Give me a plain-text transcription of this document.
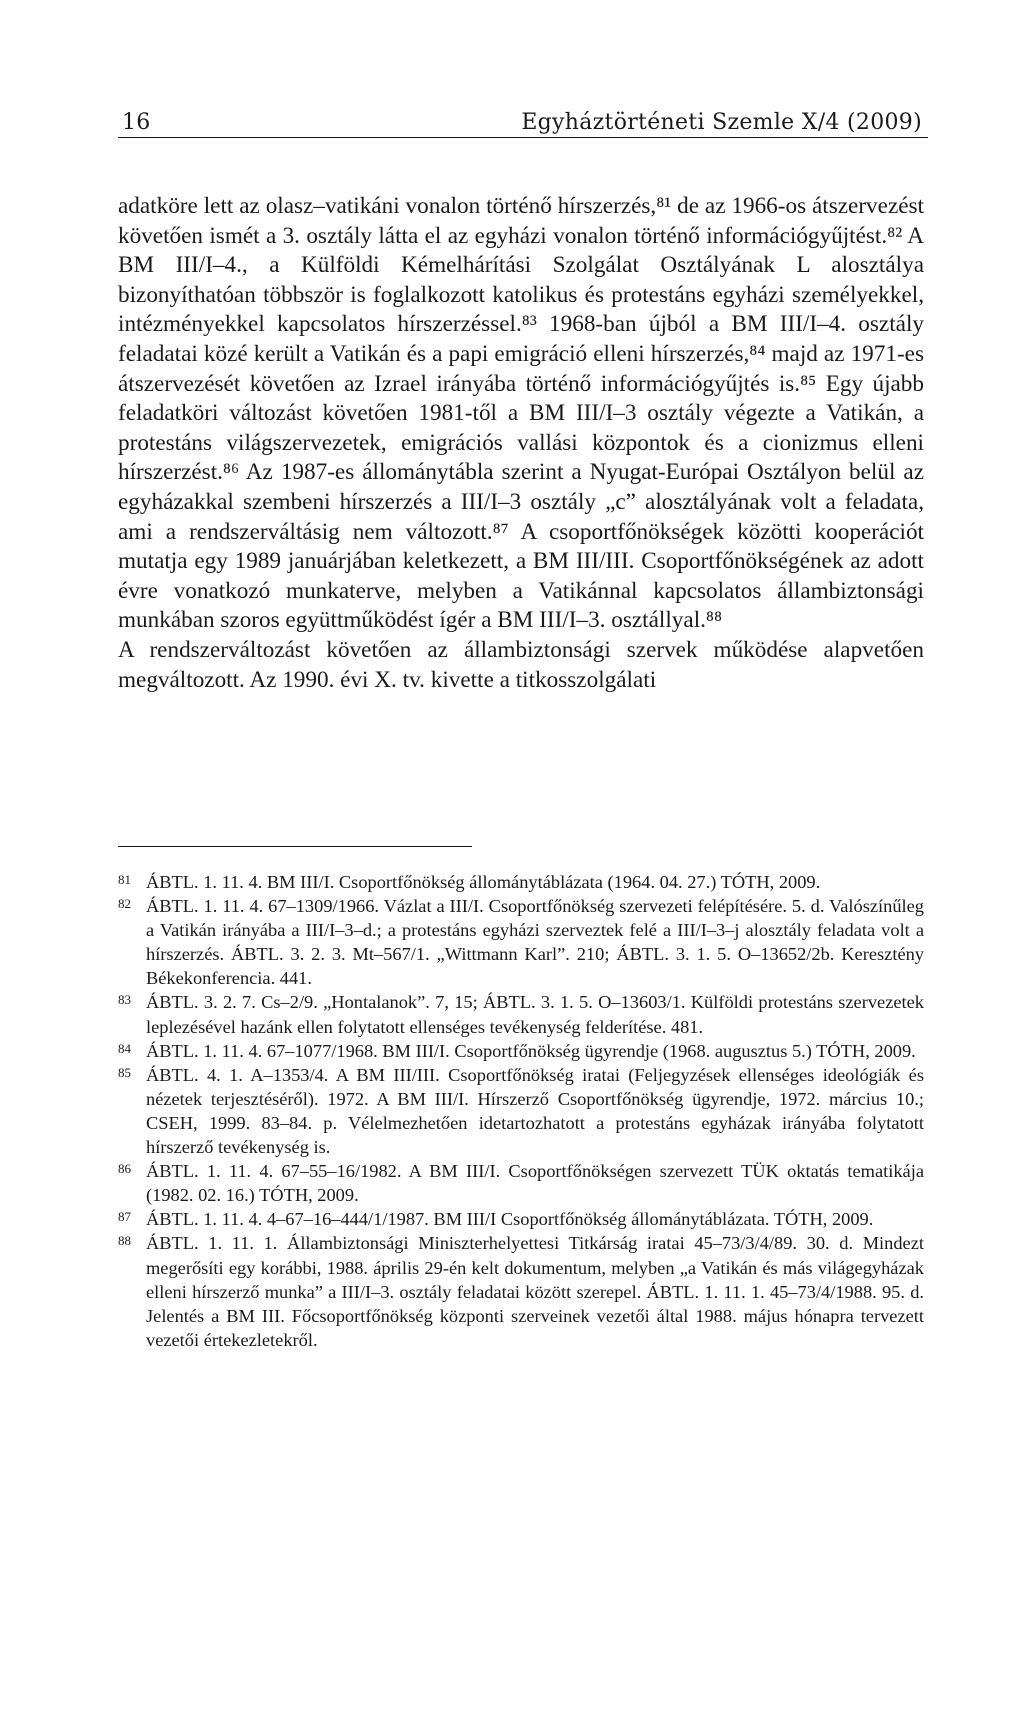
16	Egyháztörténeti Szemle X/4 (2009)

adatköre lett az olasz–vatikáni vonalon történő hírszerzés,⁸¹ de az 1966-os átszervezést követően ismét a 3. osztály látta el az egyházi vonalon történő információgyűjtést.⁸² A BM III/I–4., a Külföldi Kémelhárítási Szolgálat Osztályának L alosztálya bizonyíthatóan többször is foglalkozott katolikus és protestáns egyházi személyekkel, intézményekkel kapcsolatos hírszerzéssel.⁸³ 1968-ban újból a BM III/I–4. osztály feladatai közé került a Vatikán és a papi emigráció elleni hírszerzés,⁸⁴ majd az 1971-es átszervezését követően az Izrael irányába történő információgyűjtés is.⁸⁵ Egy újabb feladatköri változást követően 1981-től a BM III/I–3 osztály végezte a Vatikán, a protestáns világszervezetek, emigrációs vallási központok és a cionizmus elleni hírszerzést.⁸⁶ Az 1987-es állománytábla szerint a Nyugat-Európai Osztályon belül az egyházakkal szembeni hírszerzés a III/I–3 osztály „c” alosztályának volt a feladata, ami a rendszerváltásig nem változott.⁸⁷ A csoportfőnökségek közötti kooperációt mutatja egy 1989 januárjában keletkezett, a BM III/III. Csoportfőnökségének az adott évre vonatkozó munkaterve, melyben a Vatikánnal kapcsolatos állambiztonsági munkában szoros együttműködést ígér a BM III/I–3. osztállyal.⁸⁸

A rendszerváltozást követően az állambiztonsági szervek működése alapvetően megváltozott. Az 1990. évi X. tv. kivette a titkosszolgálati

81 ÁBTL. 1. 11. 4. BM III/I. Csoportfőnökség állománytáblázata (1964. 04. 27.) TÓTH, 2009.
82 ÁBTL. 1. 11. 4. 67–1309/1966. Vázlat a III/I. Csoportfőnökség szervezeti felépítésére. 5. d. Valószínűleg a Vatikán irányába a III/I–3–d.; a protestáns egyházi szerveztek felé a III/I–3–j alosztály feladata volt a hírszerzés. ÁBTL. 3. 2. 3. Mt–567/1. „Wittmann Karl”. 210; ÁBTL. 3. 1. 5. O–13652/2b. Keresztény Békekonferencia. 441.
83 ÁBTL. 3. 2. 7. Cs–2/9. „Hontalanok”. 7, 15; ÁBTL. 3. 1. 5. O–13603/1. Külföldi protestáns szervezetek leplezésével hazánk ellen folytatott ellenséges tevékenység felderítése. 481.
84 ÁBTL. 1. 11. 4. 67–1077/1968. BM III/I. Csoportfőnökség ügyrendje (1968. augusztus 5.) TÓTH, 2009.
85 ÁBTL. 4. 1. A–1353/4. A BM III/III. Csoportfőnökség iratai (Feljegyzések ellenséges ideológiák és nézetek terjesztéséről). 1972. A BM III/I. Hírszerző Csoportfőnökség ügyrendje, 1972. március 10.; CSEH, 1999. 83–84. p. Vélelmezhetően idetartozhatott a protestáns egyházak irányába folytatott hírszerző tevékenység is.
86 ÁBTL. 1. 11. 4. 67–55–16/1982. A BM III/I. Csoportfőnökségen szervezett TÜK oktatás tematikája (1982. 02. 16.) TÓTH, 2009.
87 ÁBTL. 1. 11. 4. 4–67–16–444/1/1987. BM III/I Csoportfőnökség állománytáblázata. TÓTH, 2009.
88 ÁBTL. 1. 11. 1. Állambiztonsági Miniszterhelyettesi Titkárság iratai 45–73/3/4/89. 30. d. Mindezt megerősíti egy korábbi, 1988. április 29-én kelt dokumentum, melyben „a Vatikán és más világegyházak elleni hírszerző munka” a III/I–3. osztály feladatai között szerepel. ÁBTL. 1. 11. 1. 45–73/4/1988. 95. d. Jelentés a BM III. Főcsoportfőnökség központi szerveinek vezetői által 1988. május hónapra tervezett vezetői értekezletekről.
